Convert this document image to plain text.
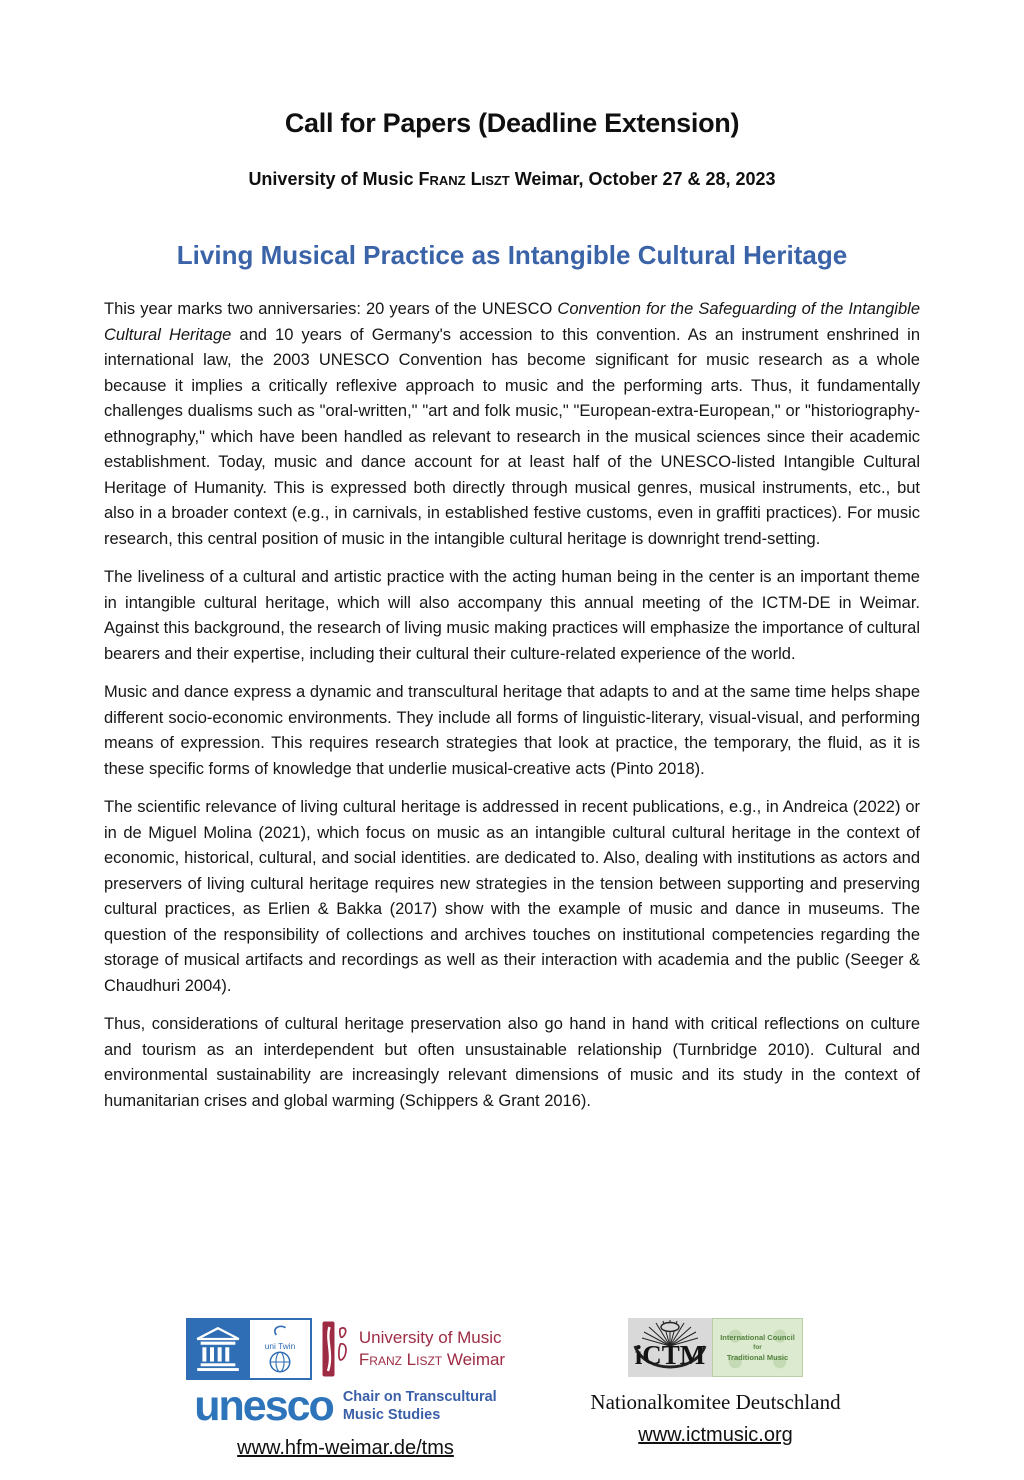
Call for Papers (Deadline Extension)
University of Music Franz Liszt Weimar, October 27 & 28, 2023
Living Musical Practice as Intangible Cultural Heritage

This year marks two anniversaries: 20 years of the UNESCO Convention for the Safeguarding of the Intangible Cultural Heritage and 10 years of Germany's accession to this convention. As an instrument enshrined in international law, the 2003 UNESCO Convention has become significant for music research as a whole because it implies a critically reflexive approach to music and the performing arts. Thus, it fundamentally challenges dualisms such as "oral-written," "art and folk music," "European-extra-European," or "historiography-ethnography," which have been handled as relevant to research in the musical sciences since their academic establishment. Today, music and dance account for at least half of the UNESCO-listed Intangible Cultural Heritage of Humanity. This is expressed both directly through musical genres, musical instruments, etc., but also in a broader context (e.g., in carnivals, in established festive customs, even in graffiti practices). For music research, this central position of music in the intangible cultural heritage is downright trend-setting.

The liveliness of a cultural and artistic practice with the acting human being in the center is an important theme in intangible cultural heritage, which will also accompany this annual meeting of the ICTM-DE in Weimar. Against this background, the research of living music making practices will emphasize the importance of cultural bearers and their expertise, including their cultural their culture-related experience of the world.

Music and dance express a dynamic and transcultural heritage that adapts to and at the same time helps shape different socio-economic environments. They include all forms of linguistic-literary, visual-visual, and performing means of expression. This requires research strategies that look at practice, the temporary, the fluid, as it is these specific forms of knowledge that underlie musical-creative acts (Pinto 2018).

The scientific relevance of living cultural heritage is addressed in recent publications, e.g., in Andreica (2022) or in de Miguel Molina (2021), which focus on music as an intangible cultural cultural heritage in the context of economic, historical, cultural, and social identities. are dedicated to. Also, dealing with institutions as actors and preservers of living cultural heritage requires new strategies in the tension between supporting and preserving cultural practices, as Erlien & Bakka (2017) show with the example of music and dance in museums. The question of the responsibility of collections and archives touches on institutional competencies regarding the storage of musical artifacts and recordings as well as their interaction with academia and the public (Seeger & Chaudhuri 2004).

Thus, considerations of cultural heritage preservation also go hand in hand with critical reflections on culture and tourism as an interdependent but often unsustainable relationship (Turnbridge 2010). Cultural and environmental sustainability are increasingly relevant dimensions of music and its study in the context of humanitarian crises and global warming (Schippers & Grant 2016).

uni Twin	University of Music
Franz Liszt Weimar
unesco Chair on Transcultural
Music Studies
www.hfm-weimar.de/tms
iCTM
International Council
for
Traditional Music
Nationalkomitee Deutschland
www.ictmusic.org
